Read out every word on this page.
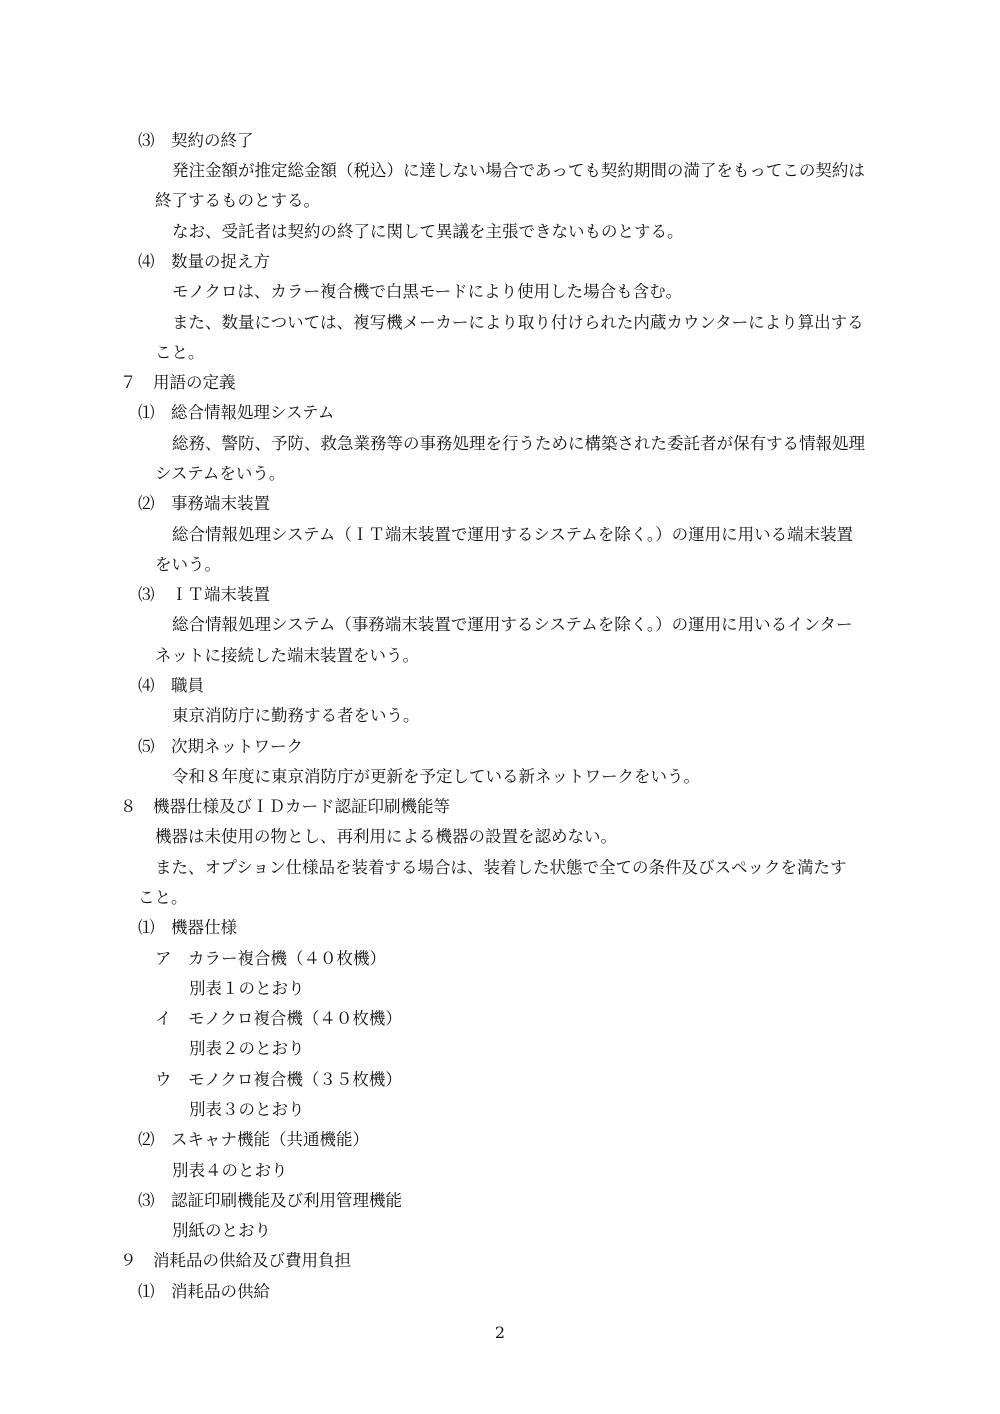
⑶　契約の終了
発注金額が推定総金額（税込）に達しない場合であっても契約期間の満了をもってこの契約は
終了するものとする。
なお、受託者は契約の終了に関して異議を主張できないものとする。
⑷　数量の捉え方
モノクロは、カラー複合機で白黒モードにより使用した場合も含む。
また、数量については、複写機メーカーにより取り付けられた内蔵カウンターにより算出する
こと。
７　用語の定義
⑴　総合情報処理システム
総務、警防、予防、救急業務等の事務処理を行うために構築された委託者が保有する情報処理
システムをいう。
⑵　事務端末装置
総合情報処理システム（ＩＴ端末装置で運用するシステムを除く。）の運用に用いる端末装置
をいう。
⑶　ＩＴ端末装置
総合情報処理システム（事務端末装置で運用するシステムを除く。）の運用に用いるインター
ネットに接続した端末装置をいう。
⑷　職員
東京消防庁に勤務する者をいう。
⑸　次期ネットワーク
令和８年度に東京消防庁が更新を予定している新ネットワークをいう。
８　機器仕様及びＩＤカード認証印刷機能等
機器は未使用の物とし、再利用による機器の設置を認めない。
また、オプション仕様品を装着する場合は、装着した状態で全ての条件及びスペックを満たす
こと。
⑴　機器仕様
ア　カラー複合機（４０枚機）
別表１のとおり
イ　モノクロ複合機（４０枚機）
別表２のとおり
ウ　モノクロ複合機（３５枚機）
別表３のとおり
⑵　スキャナ機能（共通機能）
別表４のとおり
⑶　認証印刷機能及び利用管理機能
別紙のとおり
９　消耗品の供給及び費用負担
⑴　消耗品の供給
2
